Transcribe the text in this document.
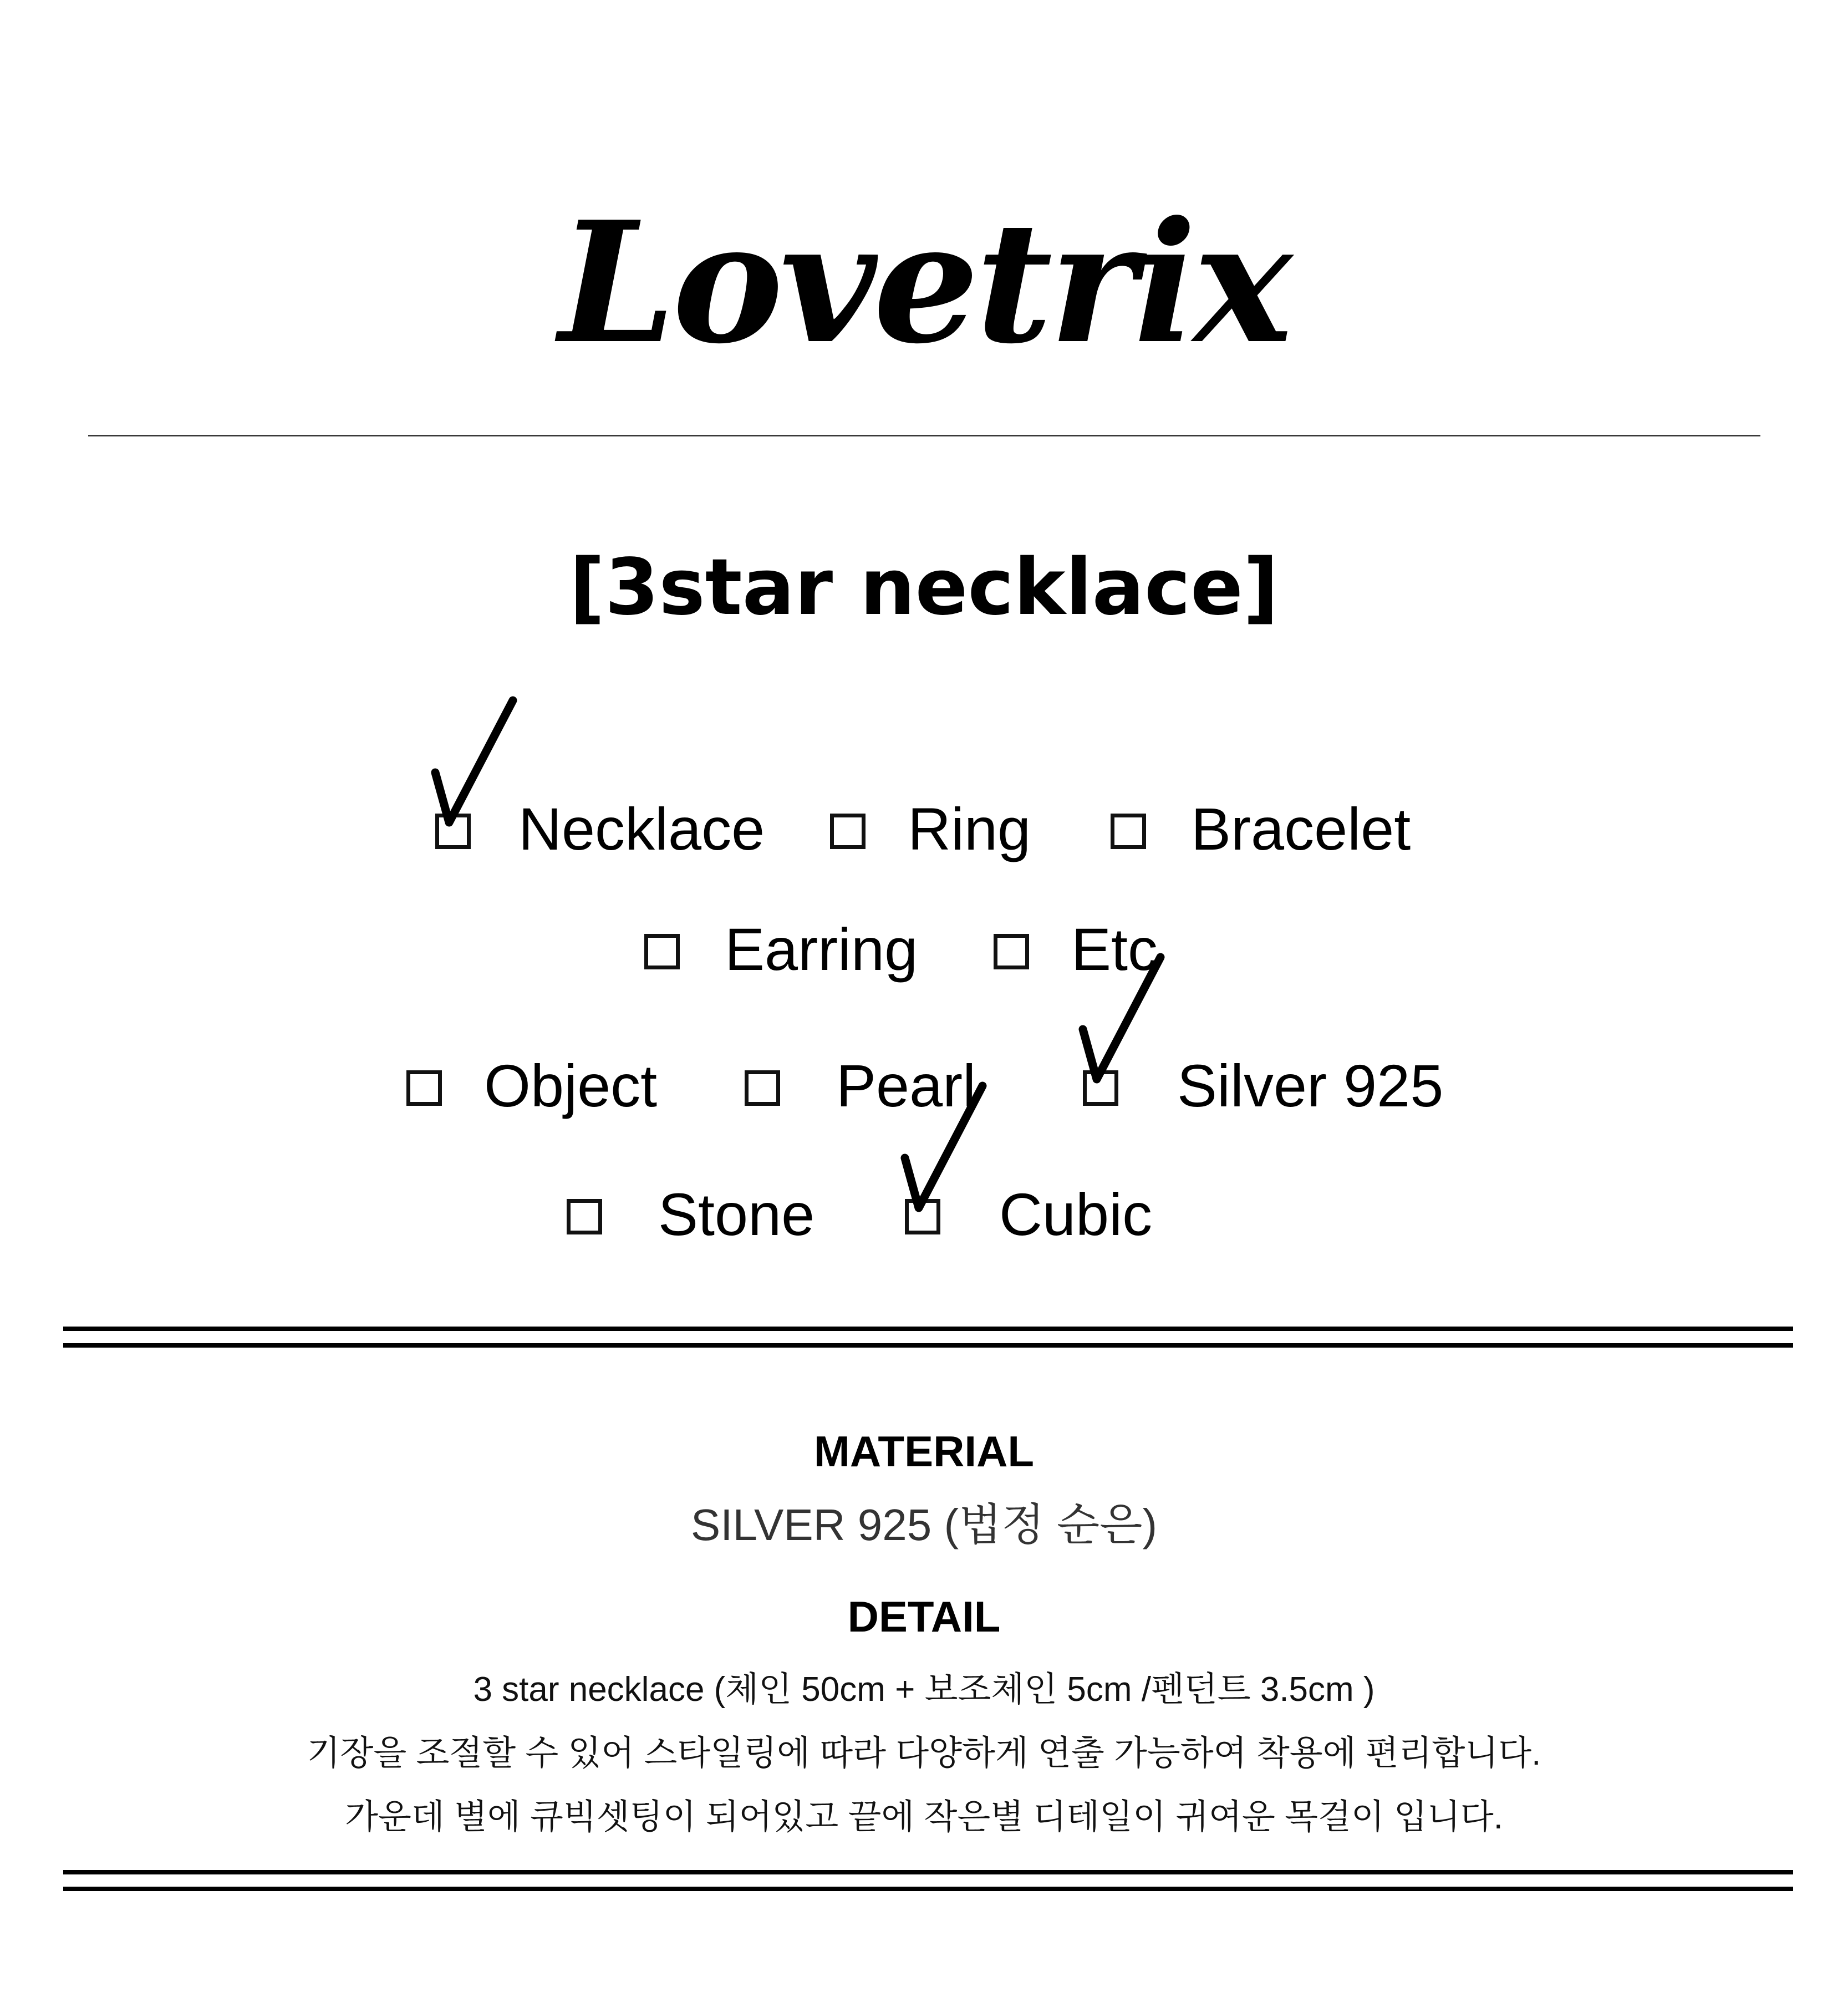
Lovetrix
[3star necklace]
Necklace Ring	Bracelet
Earring	Etc
Object	Pearl	Silver 925
Stone	Cubic
MATERIAL
SILVER 925 (법정 순은)
DETAIL
3 star necklace (체인 50cm + 보조체인 5cm /펜던트 3.5cm )
기장을 조절할 수 있어 스타일링에 따라 다양하게 연출 가능하여 착용에 편리합니다.
가운데 별에 큐빅셋팅이 되어있고 끝에 작은별 디테일이 귀여운 목걸이 입니다.
